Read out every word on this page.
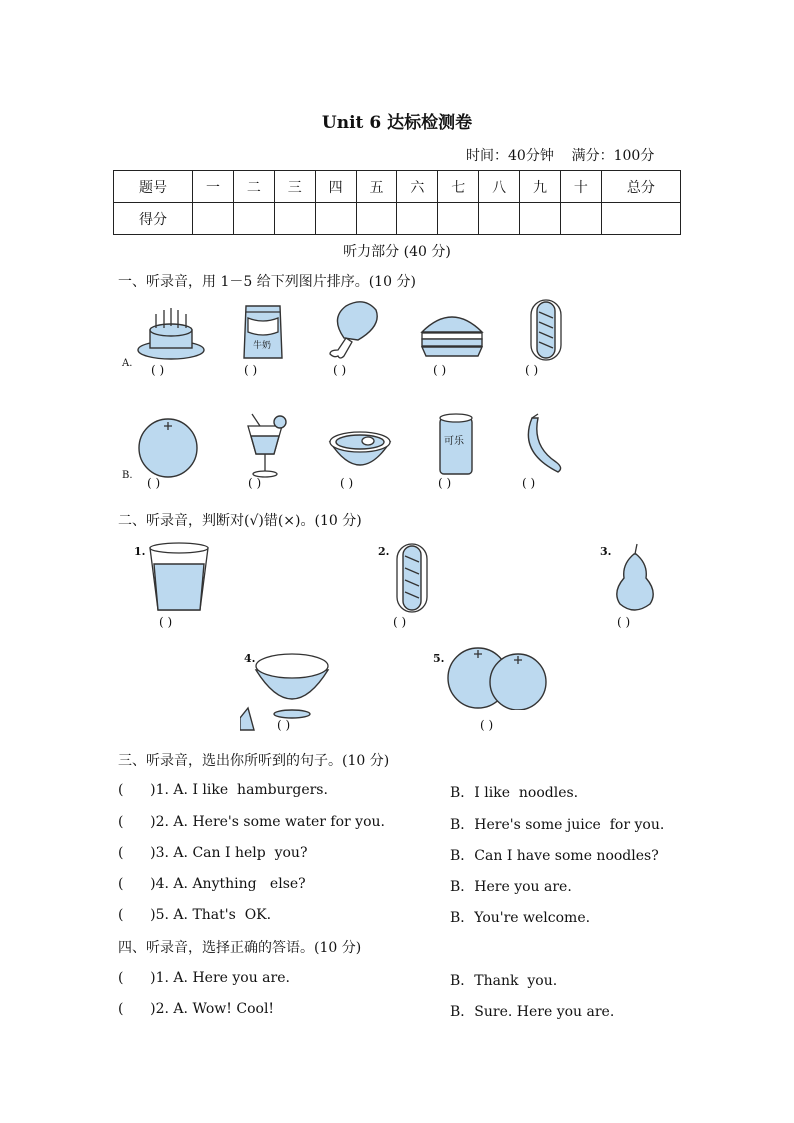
Unit 6 达标检测卷
时间：40分钟    满分：100分
题号	一	二	三	四	五	六	七	八	九	十	总分
得分											
听力部分 (40 分)
一、听录音，用 1－5 给下列图片排序。(10 分)
A. ( )
牛奶
( )	( )	( )	( )
B.
( )	( )	( )
可乐
( )	( )
二、听录音，判断对(√)错(×)。(10 分)
1.
( )
2.
( )
3.
( )
4.
( )
5.
( )
三、听录音，选出你所听到的句子。(10 分)
(      )1. A. I like  hamburgers.	B．I like  noodles.
(      )2. A. Here's some water for you.	B．Here's some juice  for you.
(      )3. A. Can I help  you?	B．Can I have some noodles?
(      )4. A. Anything   else?	B．Here you are.
(      )5. A. That's  OK.	B．You're welcome.
四、听录音，选择正确的答语。(10 分)
(      )1. A. Here you are.	B．Thank  you.
(      )2. A. Wow! Cool!	B．Sure. Here you are.
